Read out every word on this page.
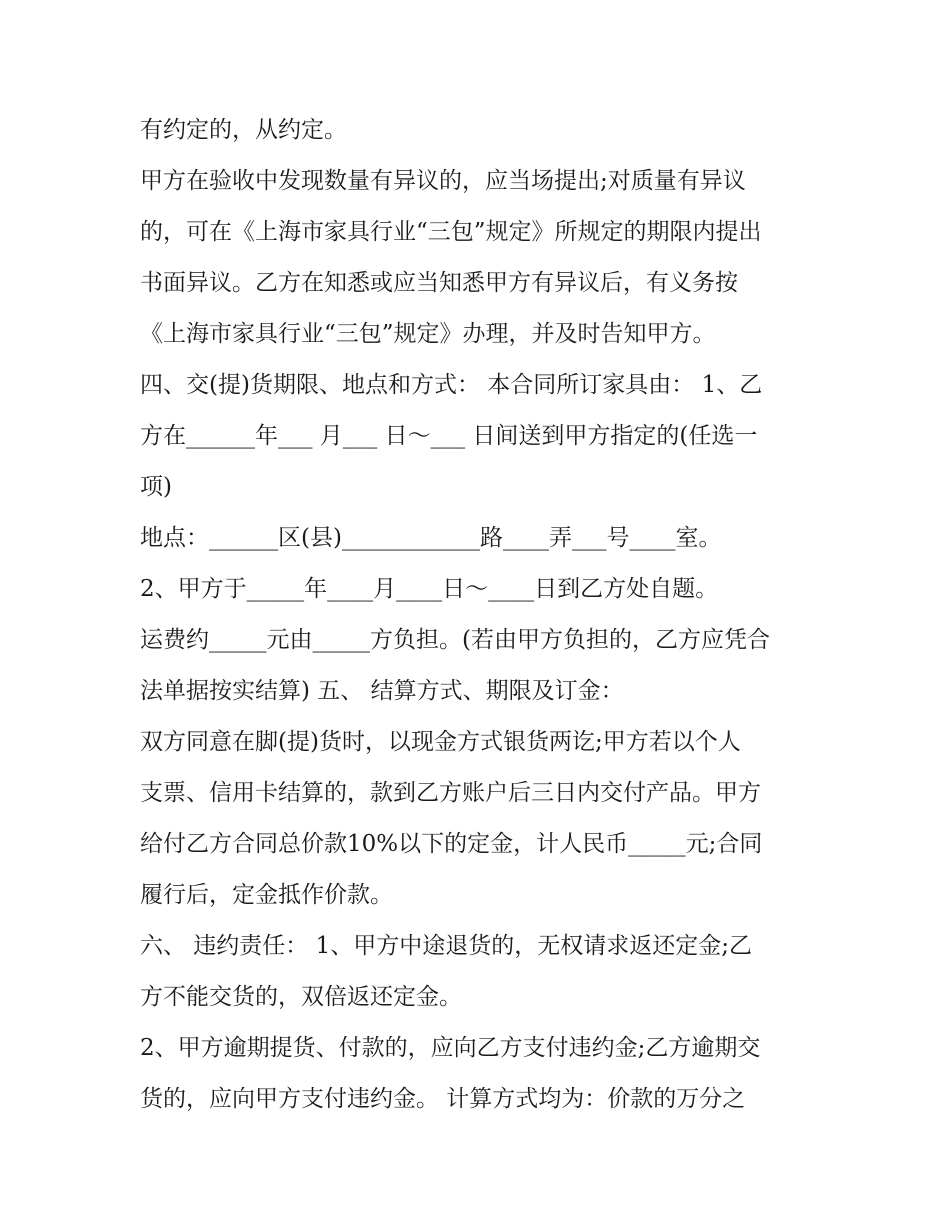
有约定的，从约定。
甲方在验收中发现数量有异议的，应当场提出;对质量有异议
的，可在《上海市家具行业“三包”规定》所规定的期限内提出
书面异议。乙方在知悉或应当知悉甲方有异议后，有义务按
《上海市家具行业“三包”规定》办理，并及时告知甲方。
四、交(提)货期限、地点和方式： 本合同所订家具由： 1、乙
方在______年___ 月___ 日～___ 日间送到甲方指定的(任选一
项)
地点：______区(县)____________路____弄___号____室。
2、甲方于_____年____月____日～____日到乙方处自题。
运费约_____元由_____方负担。(若由甲方负担的，乙方应凭合
法单据按实结算) 五、 结算方式、期限及订金：
双方同意在脚(提)货时，以现金方式银货两讫;甲方若以个人
支票、信用卡结算的，款到乙方账户后三日内交付产品。甲方
给付乙方合同总价款10%以下的定金，计人民币_____元;合同
履行后，定金抵作价款。
六、 违约责任： 1、甲方中途退货的，无权请求返还定金;乙
方不能交货的，双倍返还定金。
2、甲方逾期提货、付款的，应向乙方支付违约金;乙方逾期交
货的，应向甲方支付违约金。 计算方式均为：价款的万分之
